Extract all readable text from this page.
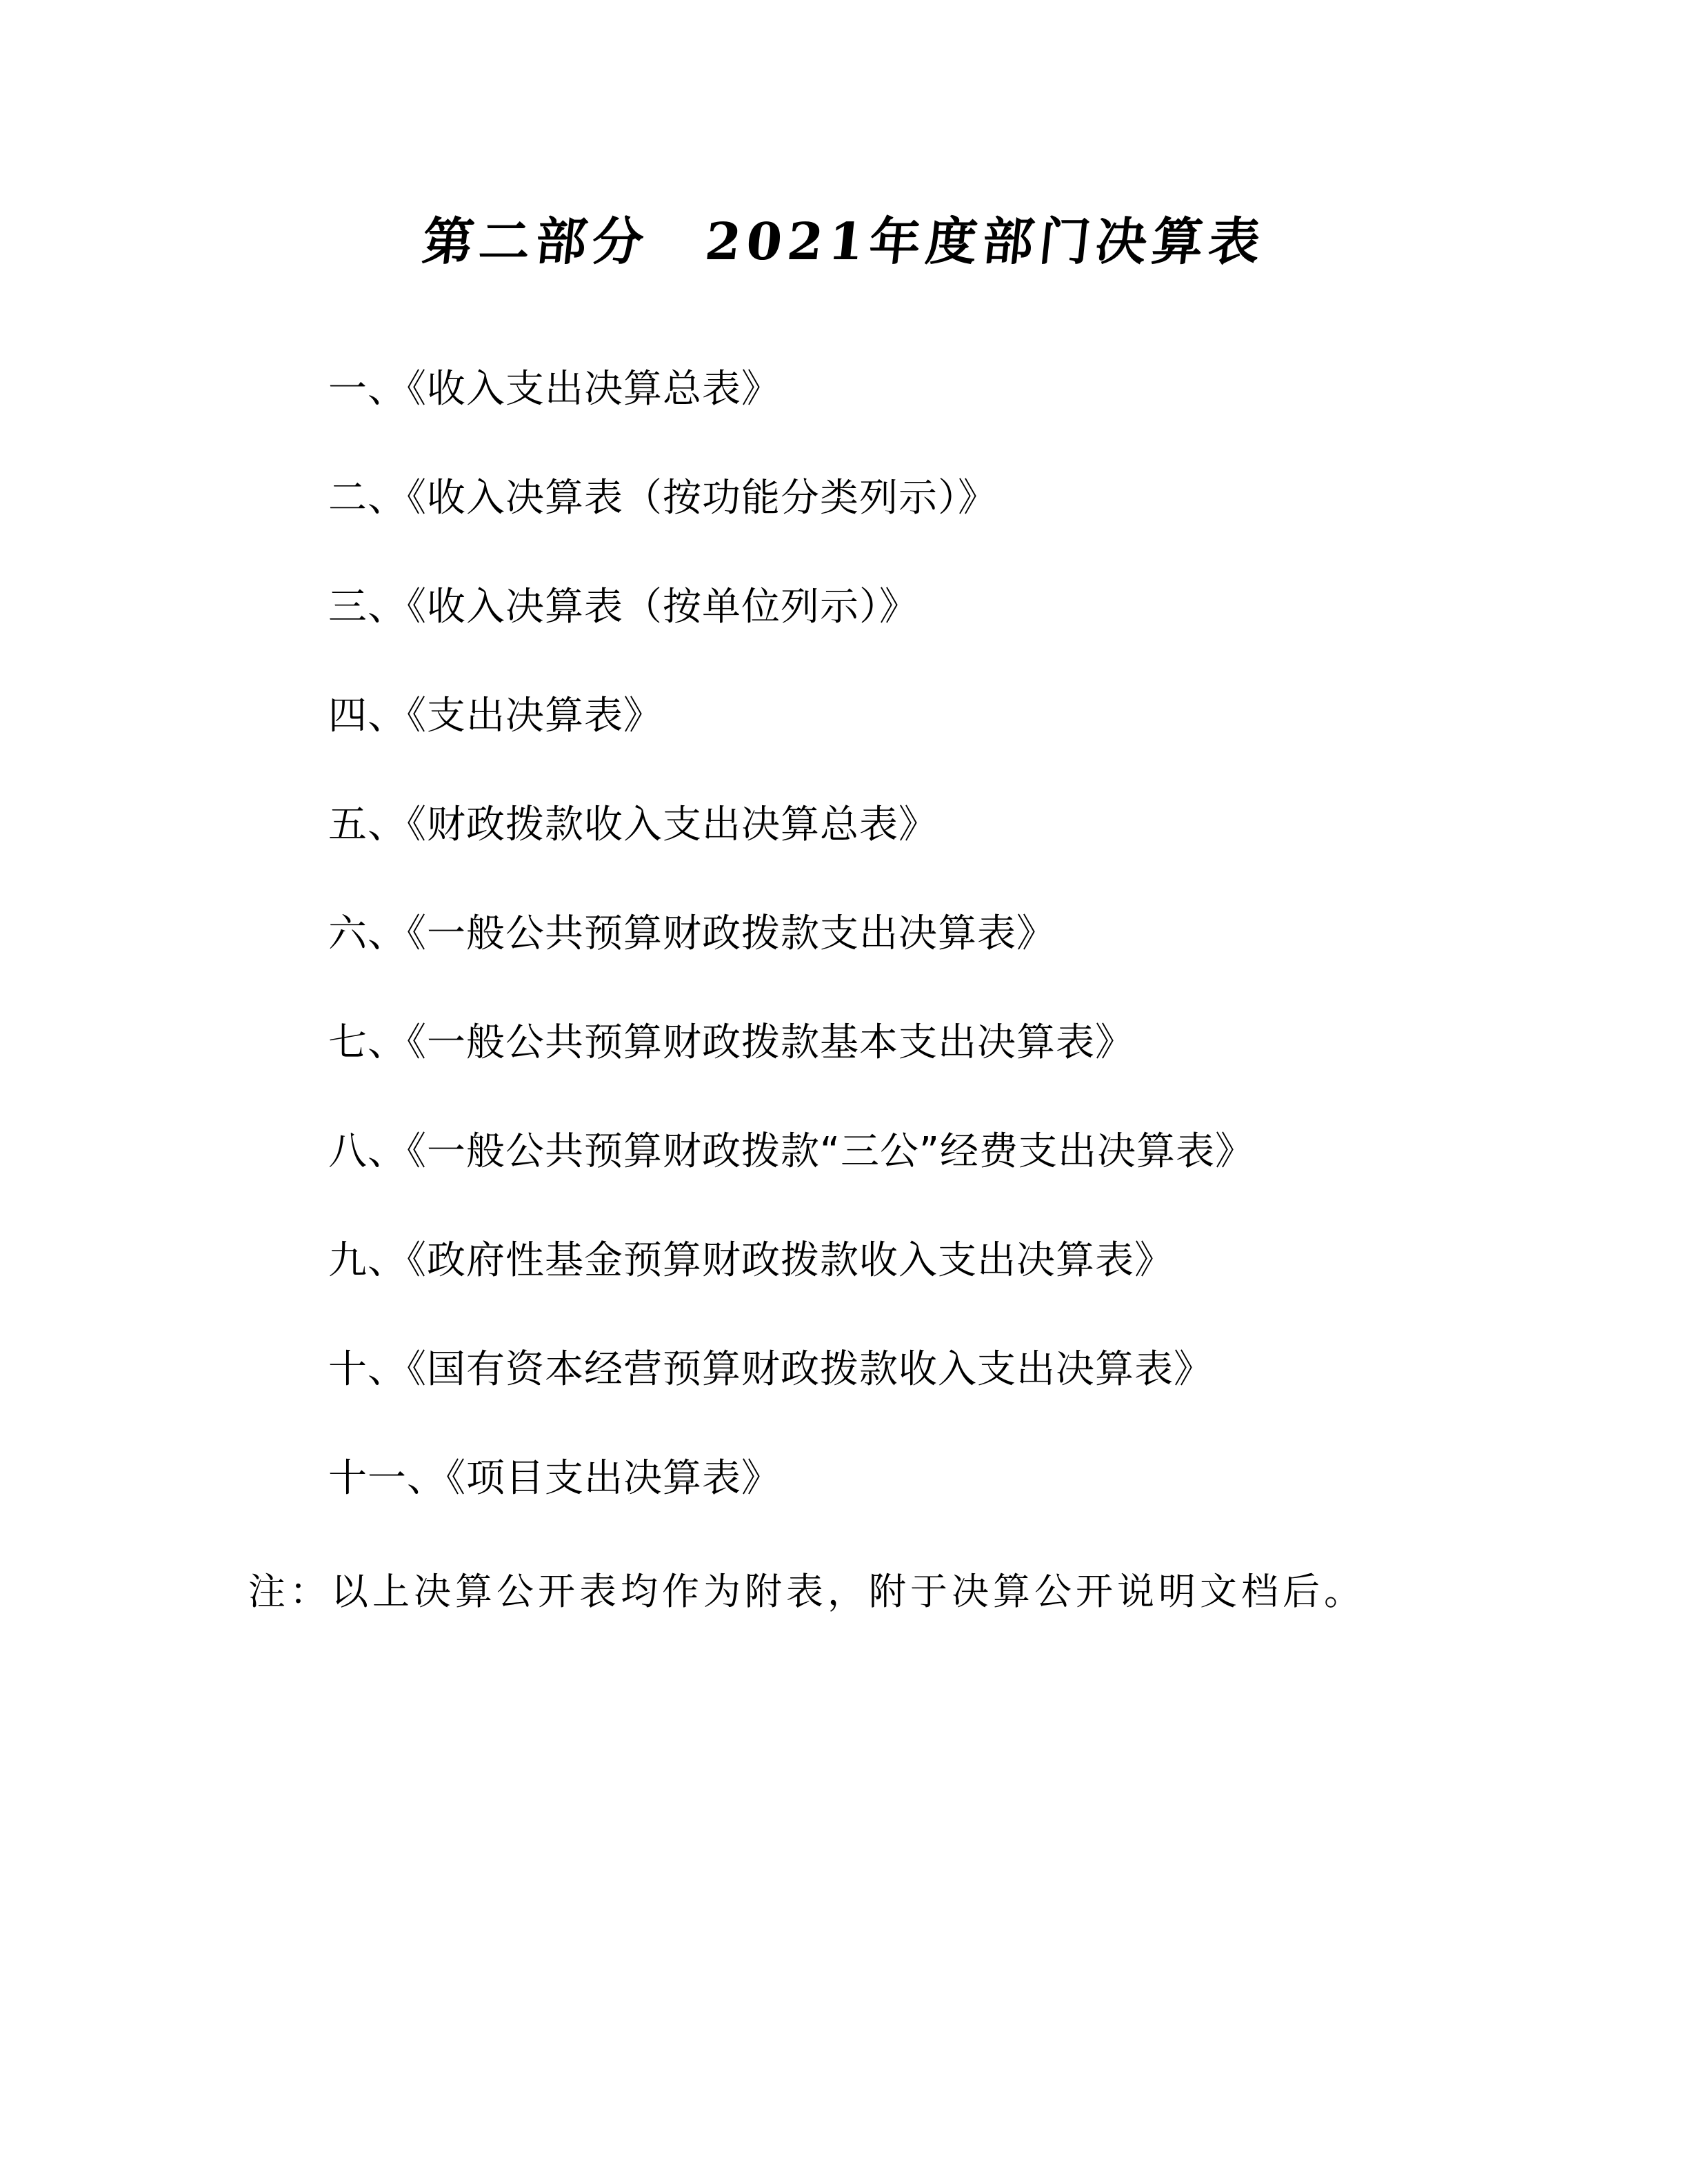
第二部分　2021年度部门决算表
一、《收入支出决算总表》
二、《收入决算表（按功能分类列示）》
三、《收入决算表（按单位列示）》
四、《支出决算表》
五、《财政拨款收入支出决算总表》
六、《一般公共预算财政拨款支出决算表》
七、《一般公共预算财政拨款基本支出决算表》
八、《一般公共预算财政拨款“三公”经费支出决算表》
九、《政府性基金预算财政拨款收入支出决算表》
十、《国有资本经营预算财政拨款收入支出决算表》
十一、《项目支出决算表》
注：以上决算公开表均作为附表，附于决算公开说明文档后。
